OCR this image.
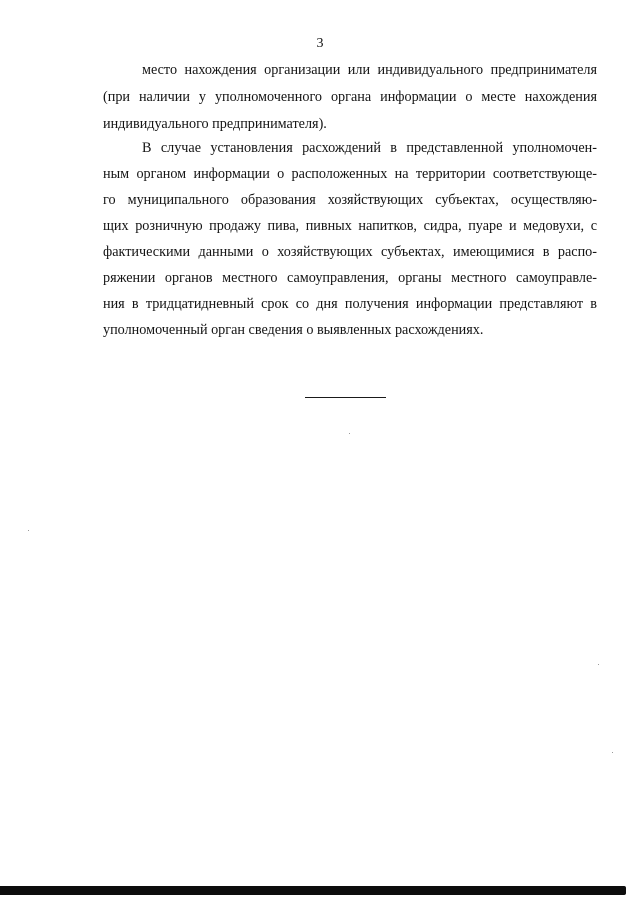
3
место нахождения организации или индивидуального предпринимателя
(при наличии у уполномоченного органа информации о месте нахождения
индивидуального предпринимателя).
В случае установления расхождений в представленной уполномочен-
ным органом информации о расположенных на территории соответствующе-
го муниципального образования хозяйствующих субъектах, осуществляю-
щих розничную продажу пива, пивных напитков, сидра, пуаре и медовухи, с
фактическими данными о хозяйствующих субъектах, имеющимися в распо-
ряжении органов местного самоуправления, органы местного самоуправле-
ния в тридцатидневный срок со дня получения информации представляют в
уполномоченный орган сведения о выявленных расхождениях.
